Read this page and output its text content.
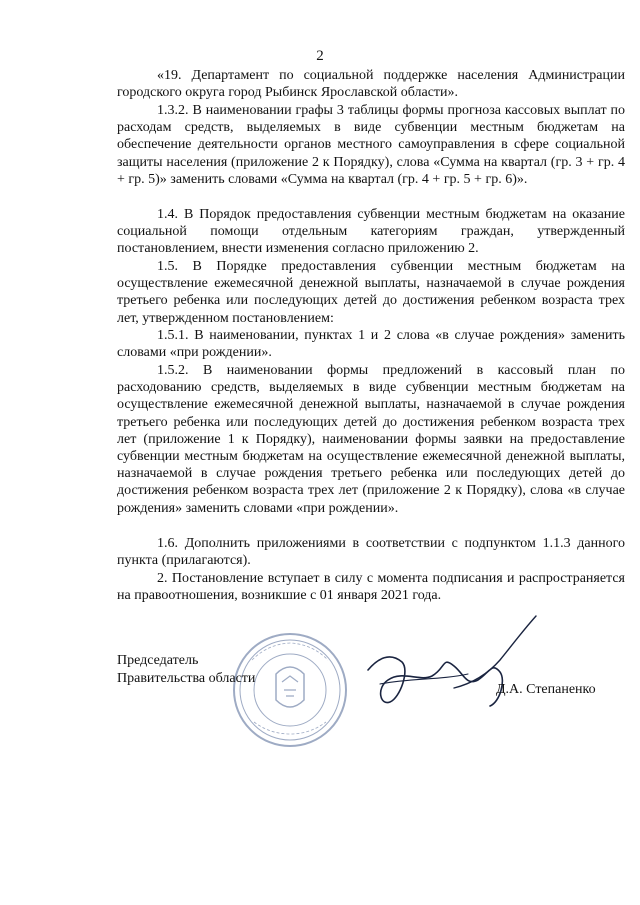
2

«19. Департамент по социальной поддержке населения Администрации городского округа город Рыбинск Ярославской области».

1.3.2. В наименовании графы 3 таблицы формы прогноза кассовых выплат по расходам средств, выделяемых в виде субвенции местным бюджетам на обеспечение деятельности органов местного самоуправления в сфере социальной защиты населения (приложение 2 к Порядку), слова «Сумма на квартал (гр. 3 + гр. 4 + гр. 5)» заменить словами «Сумма на квартал (гр. 4 + гр. 5 + гр. 6)».

1.4. В Порядок предоставления субвенции местным бюджетам на оказание социальной помощи отдельным категориям граждан, утвержденный постановлением, внести изменения согласно приложению 2.

1.5. В Порядке предоставления субвенции местным бюджетам на осуществление ежемесячной денежной выплаты, назначаемой в случае рождения третьего ребенка или последующих детей до достижения ребенком возраста трех лет, утвержденном постановлением:

1.5.1. В наименовании, пунктах 1 и 2 слова «в случае рождения» заменить словами «при рождении».

1.5.2. В наименовании формы предложений в кассовый план по расходованию средств, выделяемых в виде субвенции местным бюджетам на осуществление ежемесячной денежной выплаты, назначаемой в случае рождения третьего ребенка или последующих детей до достижения ребенком возраста трех лет (приложение 1 к Порядку), наименовании формы заявки на предоставление субвенции местным бюджетам на осуществление ежемесячной денежной выплаты, назначаемой в случае рождения третьего ребенка или последующих детей до достижения ребенком возраста трех лет (приложение 2 к Порядку), слова «в случае рождения» заменить словами «при рождении».

1.6. Дополнить приложениями в соответствии с подпунктом 1.1.3 данного пункта (прилагаются).

2. Постановление вступает в силу с момента подписания и распространяется на правоотношения, возникшие с 01 января 2021 года.

Председатель
Правительства области
Д.А. Степаненко
